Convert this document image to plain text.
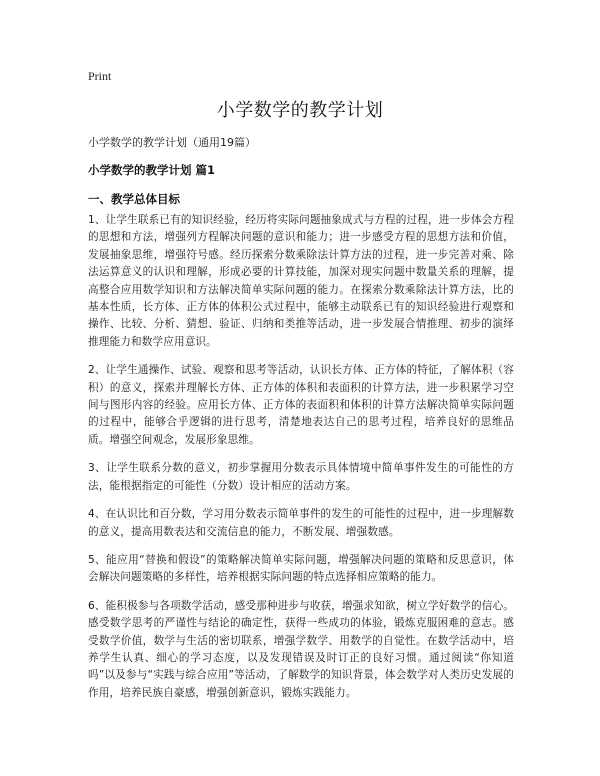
Print
小学数学的教学计划
小学数学的教学计划（通用19篇）
小学数学的教学计划 篇1
一、教学总体目标

1、让学生联系已有的知识经验，经历将实际问题抽象成式与方程的过程，进一步体会方程的思想和方法，增强列方程解决问题的意识和能力；进一步感受方程的思想方法和价值，发展抽象思维，增强符号感。经历探索分数乘除法计算方法的过程，进一步完善对乘、除法运算意义的认识和理解，形成必要的计算技能，加深对现实问题中数量关系的理解，提高整合应用数学知识和方法解决简单实际问题的能力。在探索分数乘除法计算方法，比的基本性质，长方体、正方体的体积公式过程中，能够主动联系已有的知识经验进行观察和操作、比较、分析、猜想、验证、归纳和类推等活动，进一步发展合情推理、初步的演绎推理能力和数学应用意识。

2、让学生通操作、试验、观察和思考等活动，认识长方体、正方体的特征，了解体积（容积）的意义，探索并理解长方体、正方体的体积和表面积的计算方法，进一步积累学习空间与图形内容的经验。应用长方体、正方体的表面积和体积的计算方法解决简单实际问题的过程中，能够合乎逻辑的进行思考，清楚地表达自己的思考过程，培养良好的思维品质。增强空间观念，发展形象思维。

3、让学生联系分数的意义，初步掌握用分数表示具体情境中简单事件发生的可能性的方法，能根据指定的可能性（分数）设计相应的活动方案。

4、在认识比和百分数，学习用分数表示简单事件的发生的可能性的过程中，进一步理解数的意义，提高用数表达和交流信息的能力，不断发展、增强数感。

5、能应用“替换和假设”的策略解决简单实际问题，增强解决问题的策略和反思意识，体会解决问题策略的多样性，培养根据实际问题的特点选择相应策略的能力。

6、能积极参与各项数学活动，感受那种进步与收获，增强求知欲，树立学好数学的信心。感受数学思考的严谨性与结论的确定性，获得一些成功的体验，锻炼克服困难的意志。感受数学价值，数学与生活的密切联系，增强学数学、用数学的自觉性。在数学活动中，培养学生认真、细心的学习态度，以及发现错误及时订正的良好习惯。通过阅读“你知道吗”以及参与“实践与综合应用”等活动，了解数学的知识背景，体会数学对人类历史发展的作用，培养民族自豪感，增强创新意识，锻炼实践能力。
